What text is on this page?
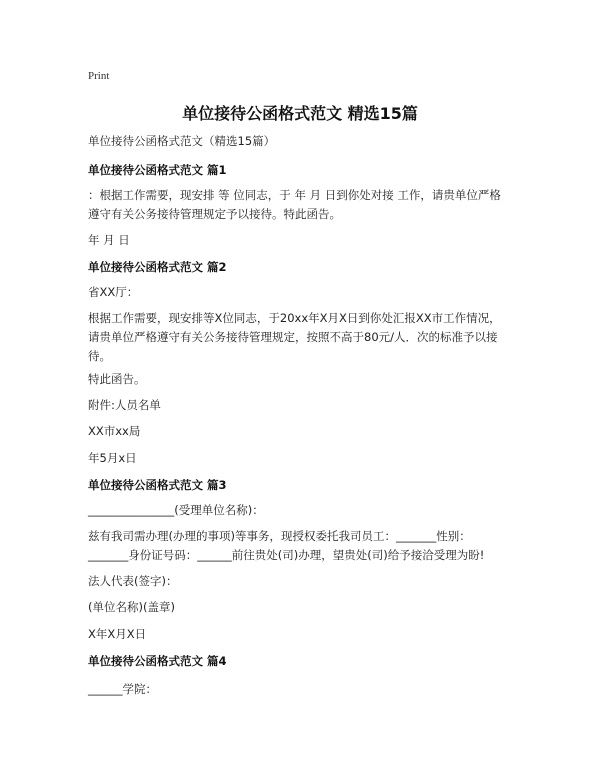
Print
单位接待公函格式范文 精选15篇
单位接待公函格式范文（精选15篇）
单位接待公函格式范文 篇1
：根据工作需要，现安排 等 位同志，于 年 月 日到你处对接 工作，请贵单位严格
遵守有关公务接待管理规定予以接待。特此函告。
年 月 日
单位接待公函格式范文 篇2
省XX厅：
根据工作需要，现安排等X位同志，于20xx年X月X日到你处汇报XX市工作情况，
请贵单位严格遵守有关公务接待管理规定，按照不高于80元/人．次的标准予以接
待。
特此函告。
附件:人员名单
XX市xx局
年5月x日
单位接待公函格式范文 篇3
_______________(受理单位名称)：
兹有我司需办理(办理的事项)等事务，现授权委托我司员工：_______性别：
_______身份证号码：______前往贵处(司)办理，望贵处(司)给予接洽受理为盼!
法人代表(签字)：
(单位名称)(盖章)
X年X月X日
单位接待公函格式范文 篇4
______学院：
